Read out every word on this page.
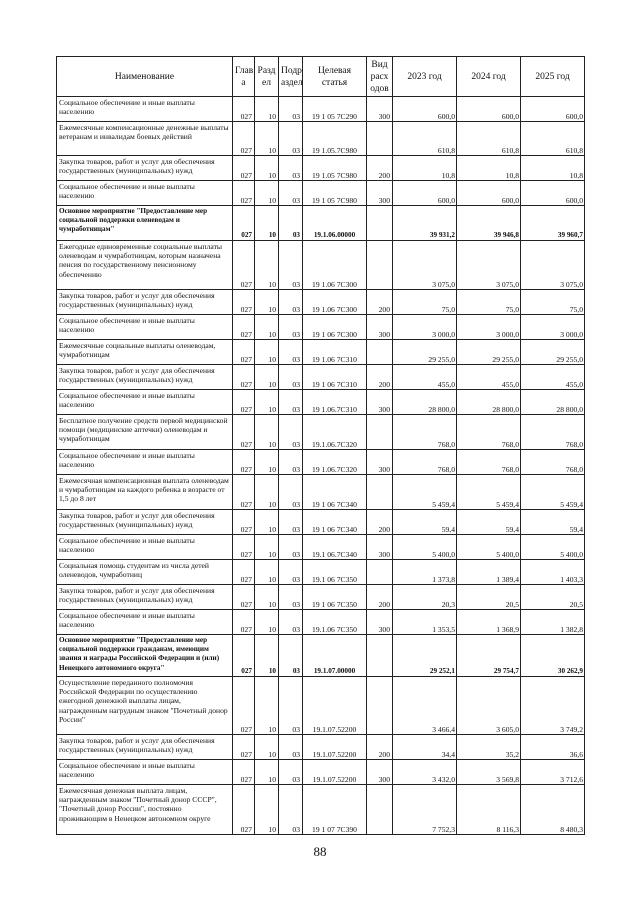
Наименование	Глав а	Разд ел	Подр аздел	Целевая статья	Вид расх одов	2023 год	2024 год	2025 год
Социальное обеспечение и иные выплаты населению	027	10	03	19 1 05 7С290	300	600,0	600,0	600,0
Ежемесячные компенсационные денежные выплаты ветеранам и инвалидам боевых действий	027	10	03	19 1.05.7С980		610,8	610,8	610,8
Закупка товаров, работ и услуг для обеспечения государственных (муниципальных) нужд	027	10	03	19 1.05 7С980	200	10,8	10,8	10,8
Социальное обеспечение и иные выплаты населению	027	10	03	19 1 05 7С980	300	600,0	600,0	600,0
Основное мероприятие "Предоставление мер социальной поддержки оленеводам и чумработницам"	027	10	03	19.1.06.00000		39 931,2	39 946,8	39 960,7
Ежегодные единовременные социальные выплаты оленеводам и чумработницам, которым назначена пенсия по государственному пенсионному обеспечению	027	10	03	19 1.06 7С300		3 075,0	3 075,0	3 075,0
Закупка товаров, работ и услуг для обеспечения государственных (муниципальных) нужд	027	10	03	19 1.06 7С300	200	75,0	75,0	75,0
Социальное обеспечение и иные выплаты населению	027	10	03	19 1 06 7С300	300	3 000,0	3 000,0	3 000,0
Ежемесячные социальные выплаты оленеводам, чумработницам	027	10	03	19 1.06 7С310		29 255,0	29 255,0	29 255,0
Закупка товаров, работ и услуг для обеспечения государственных (муниципальных) нужд	027	10	03	19 1 06 7С310	200	455,0	455,0	455,0
Социальное обеспечение и иные выплаты населению	027	10	03	19 1.06.7С310	300	28 800,0	28 800,0	28 800,0
Бесплатное получение средств первой медицинской помощи (медицинские аптечки) оленеводам и чумработницам	027	10	03	19.1.06.7С320		768,0	768,0	768,0
Социальное обеспечение и иные выплаты населению	027	10	03	19 1.06.7С320	300	768,0	768,0	768,0
Ежемесячная компенсационная выплата оленеводам и чумработницам на каждого ребенка в возрасте от 1,5 до 8 лет	027	10	03	19 1 06 7С340		5 459,4	5 459,4	5 459,4
Закупка товаров, работ и услуг для обеспечения государственных (муниципальных) нужд	027	10	03	19 1 06 7С340	200	59,4	59,4	59,4
Социальное обеспечение и иные выплаты населению	027	10	03	19.1 06.7С340	300	5 400,0	5 400,0	5 400,0
Социальная помощь студентам из числа детей оленеводов, чумработниц	027	10	03	19.1 06 7С350		1 373,8	1 389,4	1 403,3
Закупка товаров, работ и услуг для обеспечения государственных (муниципальных) нужд	027	10	03	19 1 06 7С350	200	20,3	20,5	20,5
Социальное обеспечение и иные выплаты населению	027	10	03	19.1.06 7С350	300	1 353,5	1 368,9	1 382,8
Основное мероприятие "Предоставление мер социальной поддержки гражданам, имеющим звания и награды Российской Федерации и (или) Ненецкого автономного округа"	027	10	03	19.1.07.00000		29 252,1	29 754,7	30 262,9
Осуществление переданного полномочия Российской Федерации по осуществлению ежегодной денежной выплаты лицам, награжденным нагрудным знаком "Почетный донор России"	027	10	03	19.1.07.52200		3 466,4	3 605,0	3 749,2
Закупка товаров, работ и услуг для обеспечения государственных (муниципальных) нужд	027	10	03	19.1.07.52200	200	34,4	35,2	36,6
Социальное обеспечение и иные выплаты населению	027	10	03	19.1.07.52200	300	3 432,0	3 569,8	3 712,6
Ежемесячная денежная выплата лицам, награжденным знаком "Почетный донор СССР", "Почетный донор России", постоянно проживающим в Ненецком автономном округе	027	10	03	19 1 07 7С390		7 752,3	8 116,3	8 480,3
88
